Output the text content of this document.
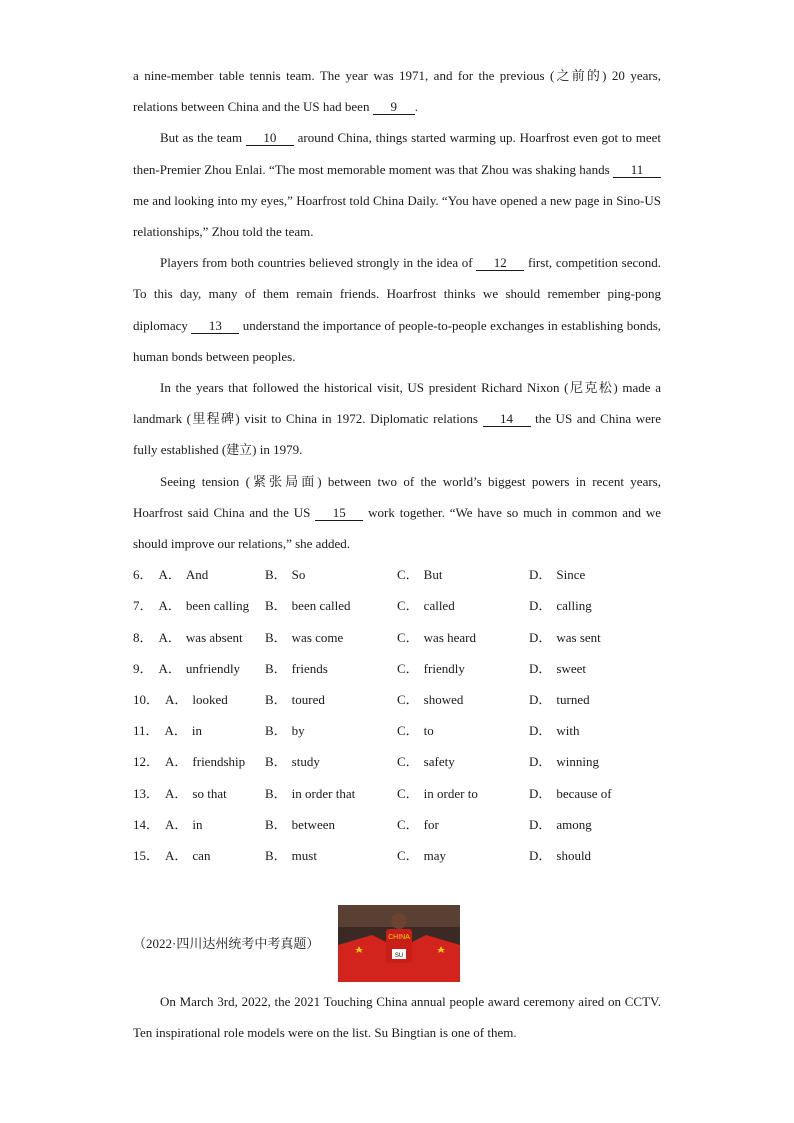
a nine-member table tennis team. The year was 1971, and for the previous (之前的) 20 years, relations between China and the US had been 9 .

But as the team 10 around China, things started warming up. Hoarfrost even got to meet then-Premier Zhou Enlai. “The most memorable moment was that Zhou was shaking hands 11 me and looking into my eyes,” Hoarfrost told China Daily. “You have opened a new page in Sino-US relationships,” Zhou told the team.

Players from both countries believed strongly in the idea of 12 first, competition second. To this day, many of them remain friends. Hoarfrost thinks we should remember ping-pong diplomacy 13 understand the importance of people-to-people exchanges in establishing bonds, human bonds between peoples.

In the years that followed the historical visit, US president Richard Nixon (尼克松) made a landmark (里程碑) visit to China in 1972. Diplomatic relations 14 the US and China were fully established (建立) in 1979.

Seeing tension (紧张局面) between two of the world’s biggest powers in recent years, Hoarfrost said China and the US 15 work together. “We have so much in common and we should improve our relations,” she added.

6． A． And	B． So	C． But	D． Since
7． A． been calling	B． been called	C． called	D． calling
8． A． was absent	B． was come	C． was heard	D． was sent
9． A． unfriendly	B． friends	C． friendly	D． sweet
10． A． looked	B． toured	C． showed	D． turned
11． A． in	B． by	C． to	D． with
12． A． friendship	B． study	C． safety	D． winning
13． A． so that	B． in order that	C． in order to	D． because of
14． A． in	B． between	C． for	D． among
15． A． can	B． must	C． may	D． should
（2022·四川达州统考中考真题）	CHINA
SU

On March 3rd, 2022, the 2021 Touching China annual people award ceremony aired on CCTV. Ten inspirational role models were on the list. Su Bingtian is one of them.
